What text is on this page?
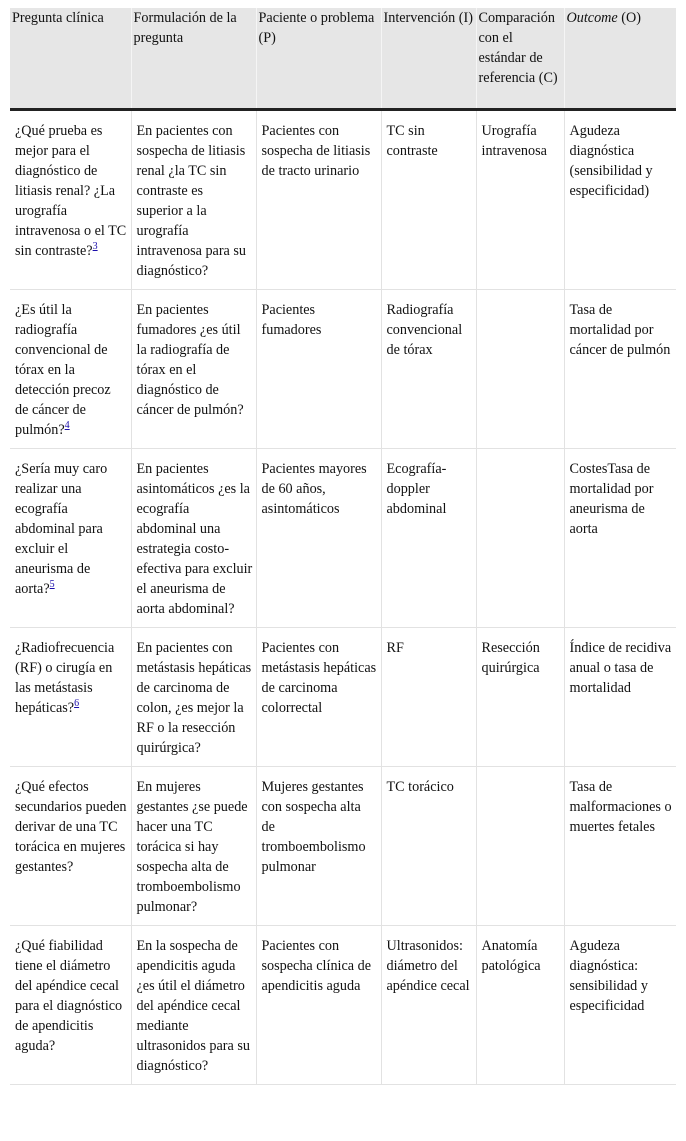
Pregunta clínica	Formulación de la pregunta	Paciente o problema (P)	Intervención (I)	Comparación con el estándar de referencia (C)	Outcome (O)
¿Qué prueba es mejor para el diagnóstico de litiasis renal? ¿La urografía intravenosa o el TC sin contraste?$^3$	En pacientes con sospecha de litiasis renal ¿la TC sin contraste es superior a la urografía intravenosa para su diagnóstico?	Pacientes con sospecha de litiasis de tracto urinario	TC sin contraste	Urografía intravenosa	Agudeza diagnóstica (sensibilidad y especificidad)
¿Es útil la radiografía convencional de tórax en la detección precoz de cáncer de pulmón?$^4$	En pacientes fumadores ¿es útil la radiografía de tórax en el diagnóstico de cáncer de pulmón?	Pacientes fumadores	Radiografía convencional de tórax		Tasa de mortalidad por cáncer de pulmón
¿Sería muy caro realizar una ecografía abdominal para excluir el aneurisma de aorta?$^5$	En pacientes asintomáticos ¿es la ecografía abdominal una estrategia costo-efectiva para excluir el aneurisma de aorta abdominal?	Pacientes mayores de 60 años, asintomáticos	Ecografía-doppler abdominal		CostesTasa de mortalidad por aneurisma de aorta
¿Radiofrecuencia (RF) o cirugía en las metástasis hepáticas?$^6$	En pacientes con metástasis hepáticas de carcinoma de colon, ¿es mejor la RF o la resección quirúrgica?	Pacientes con metástasis hepáticas de carcinoma colorrectal	RF	Resección quirúrgica	Índice de recidiva anual o tasa de mortalidad
¿Qué efectos secundarios pueden derivar de una TC torácica en mujeres gestantes?	En mujeres gestantes ¿se puede hacer una TC torácica si hay sospecha alta de tromboembolismo pulmonar?	Mujeres gestantes con sospecha alta de tromboembolismo pulmonar	TC torácico		Tasa de malformaciones o muertes fetales
¿Qué fiabilidad tiene el diámetro del apéndice cecal para el diagnóstico de apendicitis aguda?	En la sospecha de apendicitis aguda ¿es útil el diámetro del apéndice cecal mediante ultrasonidos para su diagnóstico?	Pacientes con sospecha clínica de apendicitis aguda	Ultrasonidos: diámetro del apéndice cecal	Anatomía patológica	Agudeza diagnóstica: sensibilidad y especificidad
